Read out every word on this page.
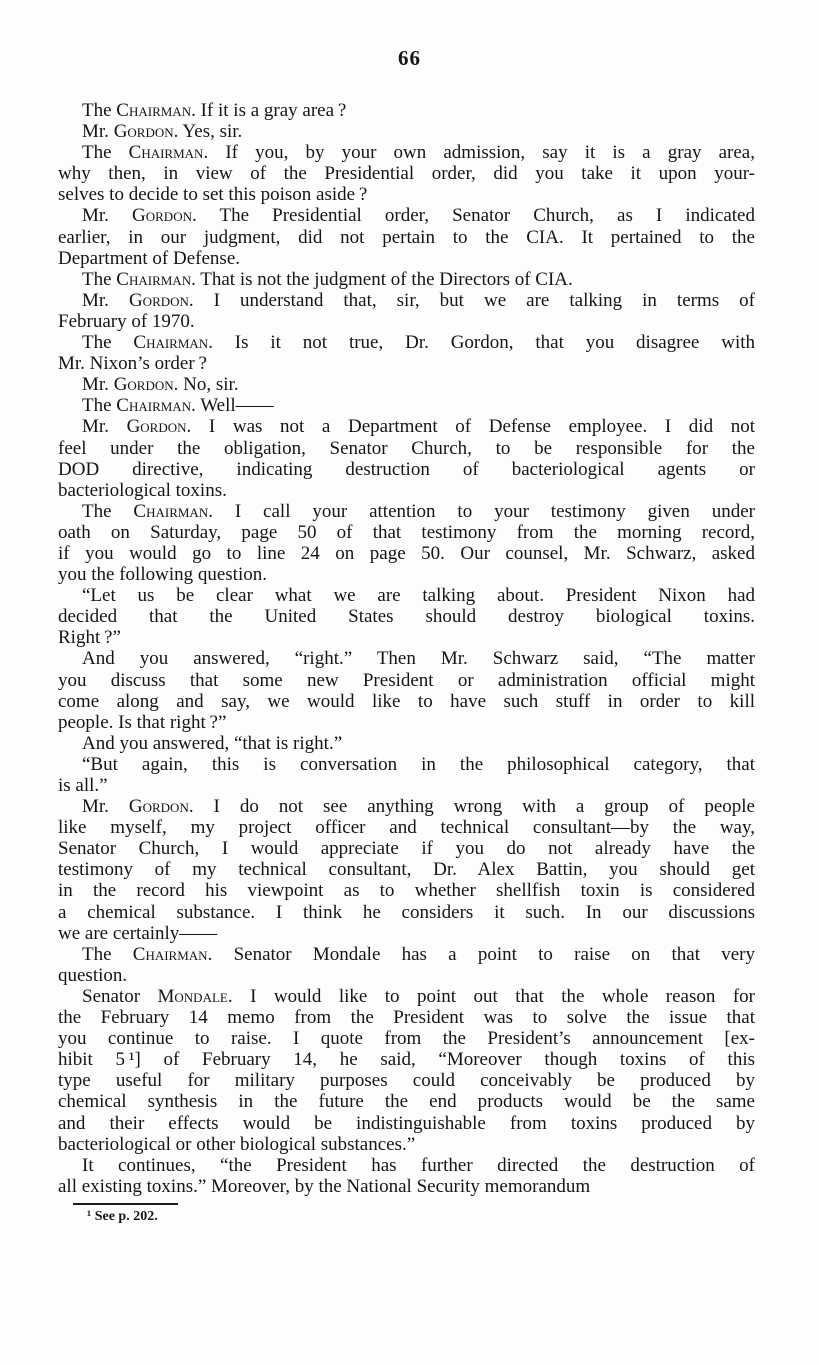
66
The Chairman. If it is a gray area ?
Mr. Gordon. Yes, sir.
The Chairman. If you, by your own admission, say it is a gray area,
why then, in view of the Presidential order, did you take it upon your-
selves to decide to set this poison aside ?
Mr. Gordon. The Presidential order, Senator Church, as I indicated
earlier, in our judgment, did not pertain to the CIA. It pertained to the
Department of Defense.
The Chairman. That is not the judgment of the Directors of CIA.
Mr. Gordon. I understand that, sir, but we are talking in terms of
February of 1970.
The Chairman. Is it not true, Dr. Gordon, that you disagree with
Mr. Nixon’s order ?
Mr. Gordon. No, sir.
The Chairman. Well——
Mr. Gordon. I was not a Department of Defense employee. I did not
feel under the obligation, Senator Church, to be responsible for the
DOD directive, indicating destruction of bacteriological agents or
bacteriological toxins.
The Chairman. I call your attention to your testimony given under
oath on Saturday, page 50 of that testimony from the morning record,
if you would go to line 24 on page 50. Our counsel, Mr. Schwarz, asked
you the following question.
“Let us be clear what we are talking about. President Nixon had
decided that the United States should destroy biological toxins.
Right ?”
And you answered, “right.” Then Mr. Schwarz said, “The matter
you discuss that some new President or administration official might
come along and say, we would like to have such stuff in order to kill
people. Is that right ?”
And you answered, “that is right.”
“But again, this is conversation in the philosophical category, that
is all.”
Mr. Gordon. I do not see anything wrong with a group of people
like myself, my project officer and technical consultant—by the way,
Senator Church, I would appreciate if you do not already have the
testimony of my technical consultant, Dr. Alex Battin, you should get
in the record his viewpoint as to whether shellfish toxin is considered
a chemical substance. I think he considers it such. In our discussions
we are certainly——
The Chairman. Senator Mondale has a point to raise on that very
question.
Senator Mondale. I would like to point out that the whole reason for
the February 14 memo from the President was to solve the issue that
you continue to raise. I quote from the President’s announcement [ex-
hibit 5 ¹] of February 14, he said, “Moreover though toxins of this
type useful for military purposes could conceivably be produced by
chemical synthesis in the future the end products would be the same
and their effects would be indistinguishable from toxins produced by
bacteriological or other biological substances.”
It continues, “the President has further directed the destruction of
all existing toxins.” Moreover, by the National Security memorandum
¹ See p. 202.
